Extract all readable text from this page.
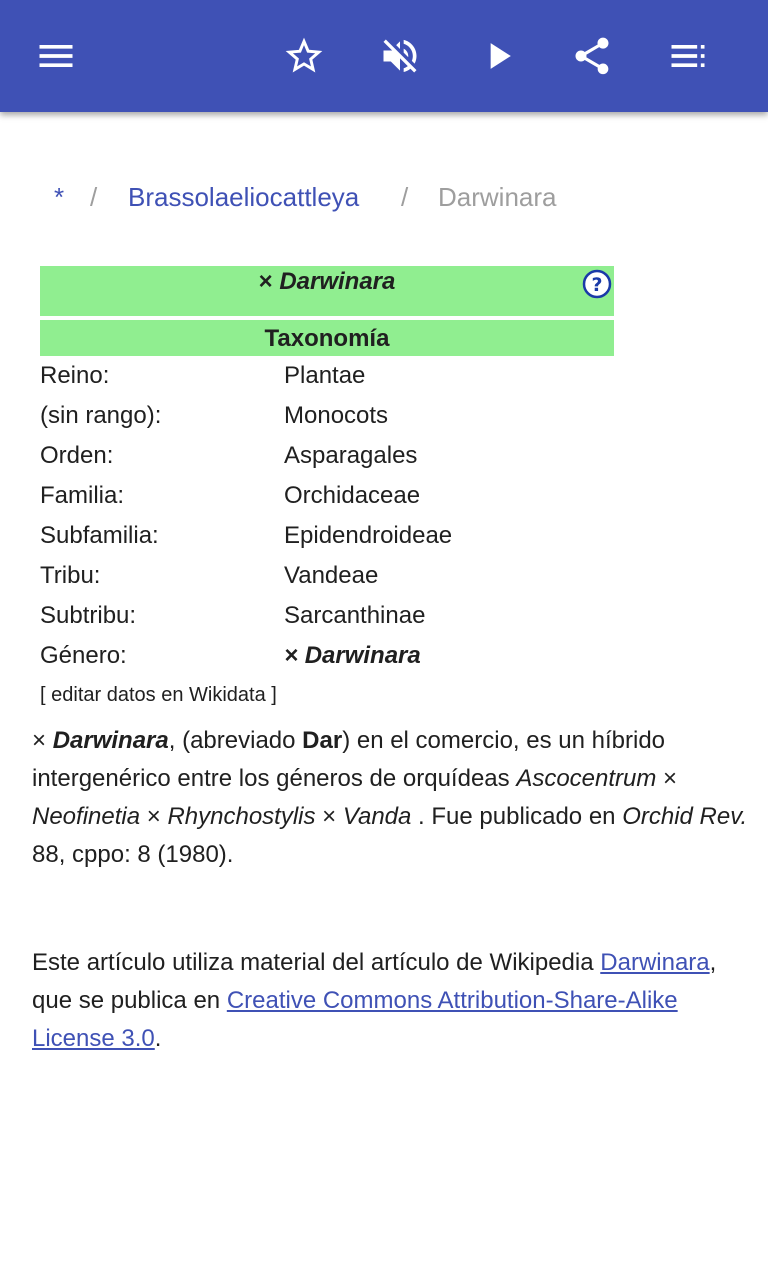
* / Brassolaeliocattleya / Darwinara
× Darwinara	?
Taxonomía
Reino:	Plantae
(sin rango):	Monocots
Orden:	Asparagales
Familia:	Orchidaceae
Subfamilia:	Epidendroideae
Tribu:	Vandeae
Subtribu:	Sarcanthinae
Género:	× Darwinara
[ editar datos en Wikidata ]
× Darwinara, (abreviado Dar) en el comercio, es un híbrido intergenérico entre los géneros de orquídeas Ascocentrum × Neofinetia × Rhynchostylis × Vanda . Fue publicado en Orchid Rev. 88, cppo: 8 (1980).
Este artículo utiliza material del artículo de Wikipedia Darwinara, que se publica en Creative Commons Attribution-Share-Alike License 3.0.
